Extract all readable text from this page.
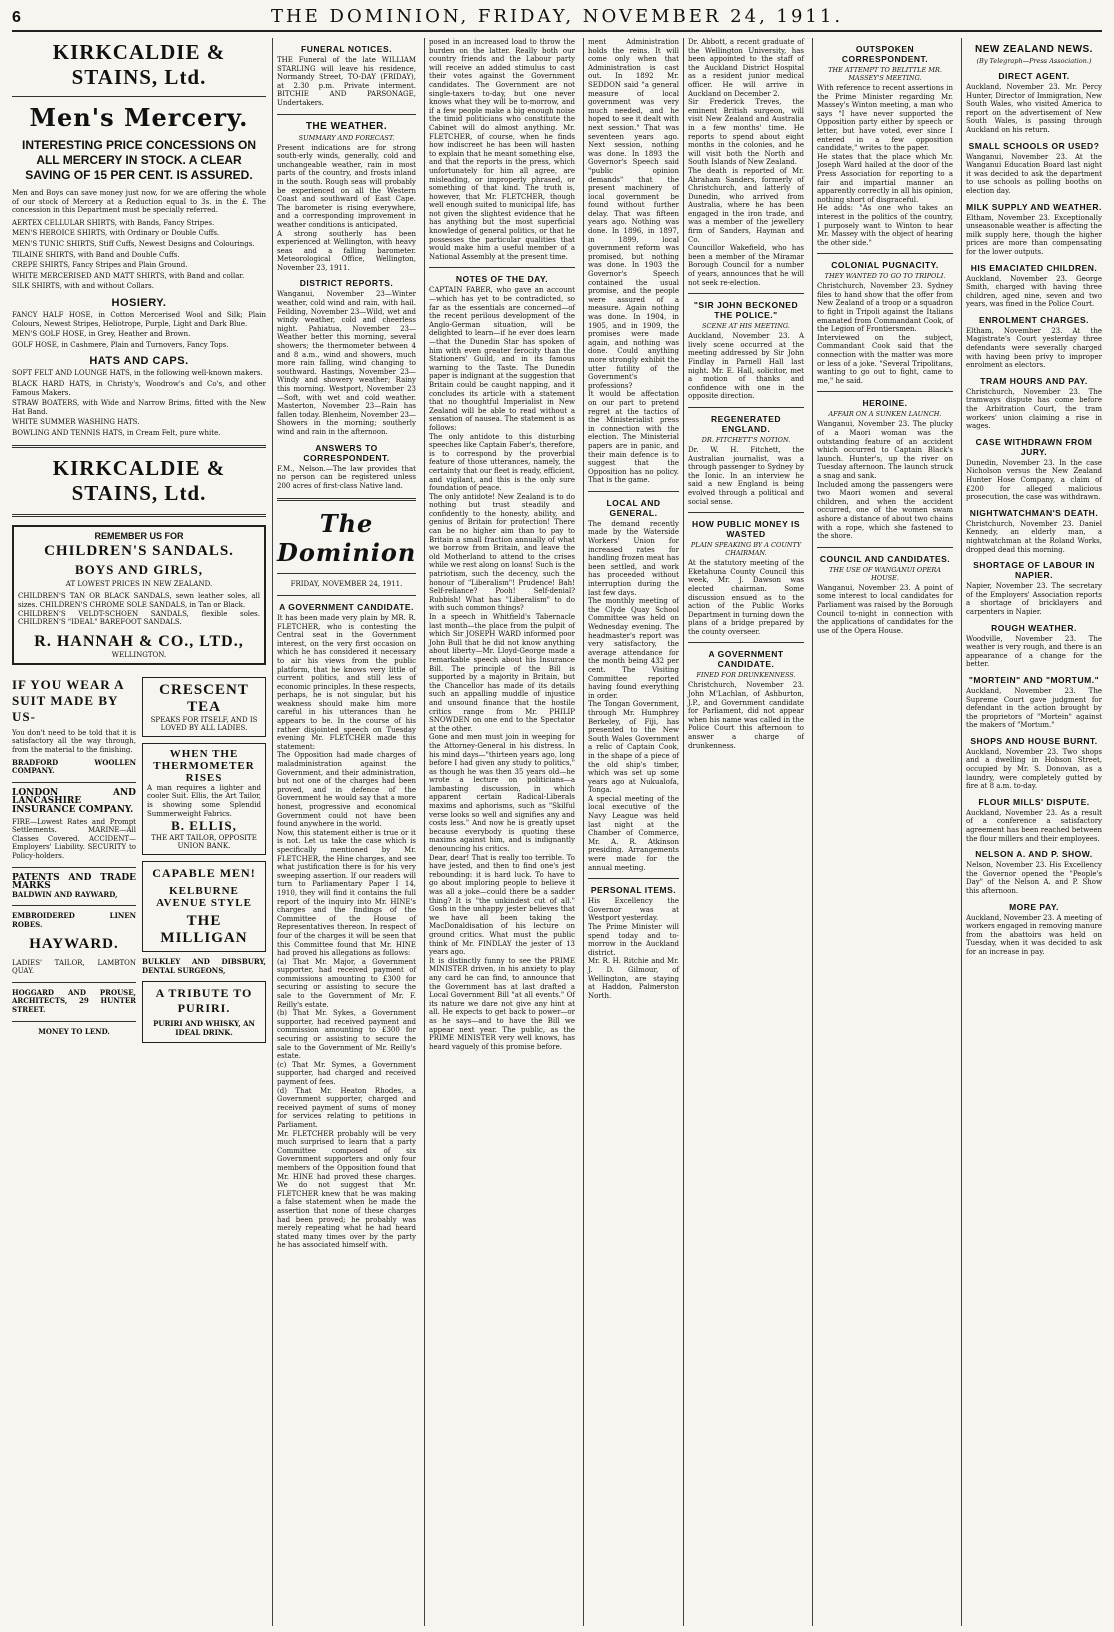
6	THE DOMINION, FRIDAY, NOVEMBER 24, 1911.
KIRKCALDIE & STAINS, Ltd.
Men's Mercery.
INTERESTING PRICE CONCESSIONS ON ALL MERCERY IN STOCK. A CLEAR SAVING OF 15 PER CENT. IS ASSURED.

Men and Boys can save money just now, for we are offering the whole of our stock of Mercery at a Reduction equal to 3s. in the £. The concession in this Department must be specially referred.

AERTEX CELLULAR SHIRTS, with Bands, Fancy Stripes.

MEN'S HEROICE SHIRTS, with Ordinary or Double Cuffs.

MEN'S TUNIC SHIRTS, Stiff Cuffs, Newest Designs and Colourings.

TILAINE SHIRTS, with Band and Double Cuffs.

CREPE SHIRTS, Fancy Stripes and Plain Ground.

WHITE MERCERISED AND MATT SHIRTS, with Band and collar.

SILK SHIRTS, with and without Collars.

HOSIERY.

FANCY HALF HOSE, in Cotton Mercerised Wool and Silk; Plain Colours, Newest Stripes, Heliotrope, Purple, Light and Dark Blue.

MEN'S GOLF HOSE, in Grey, Heather and Brown.

GOLF HOSE, in Cashmere, Plain and Turnovers, Fancy Tops.

HATS AND CAPS.

SOFT FELT AND LOUNGE HATS, in the following well-known makers.

BLACK HARD HATS, in Christy's, Woodrow's and Co's, and other Famous Makers.

STRAW BOATERS, with Wide and Narrow Brims, fitted with the New Hat Band.

WHITE SUMMER WASHING HATS.

BOWLING AND TENNIS HATS, in Cream Felt, pure white.

KIRKCALDIE & STAINS, Ltd.
REMEMBER US FOR
CHILDREN'S SANDALS.
BOYS AND GIRLS,
AT LOWEST PRICES IN NEW ZEALAND.

CHILDREN'S TAN OR BLACK SANDALS, sewn leather soles, all sizes. CHILDREN'S CHROME SOLE SANDALS, in Tan or Black.

CHILDREN'S VELDT-SCHOEN SANDALS, flexible soles. CHILDREN'S "IDEAL" BAREFOOT SANDALS.

R. HANNAH & CO., LTD.,
WELLINGTON.
IF YOU WEAR A SUIT MADE BY US-

You don't need to be told that it is satisfactory all the way through, from the material to the finishing.

BRADFORD WOOLLEN COMPANY.
LONDON AND LANCASHIRE INSURANCE COMPANY.

FIRE—Lowest Rates and Prompt Settlements. MARINE—All Classes Covered. ACCIDENT—Employers' Liability. SECURITY to Policy-holders.

PATENTS AND TRADE MARKS
BALDWIN AND RAYWARD,
EMBROIDERED LINEN ROBES.
HAYWARD.
LADIES' TAILOR, LAMBTON QUAY.
HOGGARD AND PROUSE, ARCHITECTS, 29 HUNTER STREET.
MONEY TO LEND.
CRESCENT TEA
SPEAKS FOR ITSELF, AND IS LOVED BY ALL LADIES.
WHEN THE THERMOMETER RISES

A man requires a lighter and cooler Suit. Ellis, the Art Tailor, is showing some Splendid Summerweight Fabrics.

B. ELLIS,
THE ART TAILOR, OPPOSITE UNION BANK.
CAPABLE MEN!
KELBURNE AVENUE STYLE
THE MILLIGAN
BULKLEY AND DIBSBURY, DENTAL SURGEONS,
A TRIBUTE TO PURIRI.
PURIRI AND WHISKY, AN IDEAL DRINK.
FUNERAL NOTICES.

THE Funeral of the late WILLIAM STARLING will leave his residence, Normandy Street, TO-DAY (FRIDAY), at 2.30 p.m. Private interment. BITCHIE AND PARSONAGE, Undertakers.

THE WEATHER.
SUMMARY AND FORECAST.

Present indications are for strong south-erly winds, generally, cold and unchangeable weather, rain in most parts of the country, and frosts inland in the south. Rough seas will probably be experienced on all the Western Coast and southward of East Cape. The barometer is rising everywhere, and a corresponding improvement in weather conditions is anticipated.

A strong southerly has been experienced at Wellington, with heavy seas and a falling barometer. Meteorological Office, Wellington, November 23, 1911.

DISTRICT REPORTS.

Wanganui, November 23—Winter weather, cold wind and rain, with hail. Feilding, November 23—Wild, wet and windy weather, cold and cheerless night. Pahiatua, November 23—Weather better this morning, several showers; the thermometer between 4 and 8 a.m., wind and showers, much more rain falling, wind changing to southward. Hastings, November 23—Windy and showery weather; Rainy this morning. Westport, November 23—Soft, with wet and cold weather. Masterton, November 23—Rain has fallen today. Blenheim, November 23—Showers in the morning; southerly wind and rain in the afternoon.

ANSWERS TO CORRESPONDENT.

F.M., Nelson.—The law provides that no person can be registered unless 200 acres of first-class Native land.

The Dominion
FRIDAY, NOVEMBER 24, 1911.
A GOVERNMENT CANDIDATE.

It has been made very plain by MR. R. FLETCHER, who is contesting the Central seat in the Government interest, on the very first occasion on which he has considered it necessary to air his views from the public platform, that he knows very little of current politics, and still less of economic principles. In these respects, perhaps, he is not singular, but his weakness should make him more careful in his utterances than he appears to be. In the course of his rather disjointed speech on Tuesday evening Mr. FLETCHER made this statement:

The Opposition had made charges of maladministration against the Government, and their administration, but not one of the charges had been proved, and in defence of the Government he would say that a more honest, progressive and economical Government could not have been found anywhere in the world.

Now, this statement either is true or it is not. Let us take the case which is specifically mentioned by Mr. FLETCHER, the Hine charges, and see what justification there is for his very sweeping assertion. If our readers will turn to Parliamentary Paper I 14, 1910, they will find it contains the full report of the inquiry into Mr. HINE's charges and the findings of the Committee of the House of Representatives thereon. In respect of four of the charges it will be seen that this Committee found that Mr. HINE had proved his allegations as follows:

(a) That Mr. Major, a Government supporter, had received payment of commissions amounting to £300 for securing or assisting to secure the sale to the Government of Mr. F. Reilly's estate.

(b) That Mr. Sykes, a Government supporter, had received payment and commission amounting to £300 for securing or assisting to secure the sale to the Government of Mr. Reilly's estate.

(c) That Mr. Symes, a Government supporter, had charged and received payment of fees.

(d) That Mr. Heaton Rhodes, a Government supporter, charged and received payment of sums of money for services relating to petitions in Parliament.

Mr. FLETCHER probably will be very much surprised to learn that a party Committee composed of six Government supporters and only four members of the Opposition found that Mr. HINE had proved these charges. We do not suggest that Mr. FLETCHER knew that he was making a false statement when he made the assertion that none of these charges had been proved; he probably was merely repeating what he had heard stated many times over by the party he has associated himself with.

posed in an increased load to throw the burden on the latter. Really both our country friends and the Labour party will receive an added stimulus to cast their votes against the Government candidates. The Government are not single-taxers to-day, but one never knows what they will be to-morrow, and if a few people make a big enough noise the timid politicians who constitute the Cabinet will do almost anything. Mr. FLETCHER, of course, when he finds how indiscreet he has been will hasten to explain that he meant something else, and that the reports in the press, which unfortunately for him all agree, are misleading, or improperly phrased, or something of that kind. The truth is, however, that Mr. FLETCHER, though well enough suited to municipal life, has not given the slightest evidence that he has anything but the most superficial knowledge of general politics, or that he possesses the particular qualities that would make him a useful member of a National Assembly at the present time.

NOTES OF THE DAY.

CAPTAIN FABER, who gave an account—which has yet to be contradicted, so far as the essentials are concerned—of the recent perilous development of the Anglo-German situation, will be delighted to learn—if he ever does learn—that the Dunedin Star has spoken of him with even greater ferocity than the Stationers' Guild, and in its famous warning to the Taste. The Dunedin paper is indignant at the suggestion that Britain could be caught napping, and it concludes its article with a statement that no thoughtful Imperialist in New Zealand will be able to read without a sensation of nausea. The statement is as follows:

The only antidote to this disturbing speeches like Captain Faber's, therefore, is to correspond by the proverbial feature of those utterances, namely, the certainty that our fleet is ready, efficient, and vigilant, and this is the only sure foundation of peace.

The only antidote! New Zealand is to do nothing but trust steadily and confidently to the honesty, ability, and genius of Britain for protection! There can be no higher aim than to pay to Britain a small fraction annually of what we borrow from Britain, and leave the old Motherland to attend to the crises while we rest along on loans! Such is the patriotism, such the decency, such the honour of "Liberalism"! Prudence! Bah! Self-reliance? Pooh! Self-denial? Rubbish! What has "Liberalism" to do with such common things?

In a speech in Whitfield's Tabernacle last month—the place from the pulpit of which Sir JOSEPH WARD informed poor John Bull that he did not know anything about liberty—Mr. Lloyd-George made a remarkable speech about his Insurance Bill. The principle of the Bill is supported by a majority in Britain, but the Chancellor has made of its details such an appalling muddle of injustice and unsound finance that the hostile critics range from Mr. PHILIP SNOWDEN on one end to the Spectator at the other.

Gone and men must join in weeping for the Attorney-General in his distress. In his mind days—"thirteen years ago, long before I had given any study to politics," as though he was then 35 years old—he wrote a lecture on politicians—a lambasting discussion, in which apparent certain Radical-Liberals maxims and aphorisms, such as "Skilful verse looks so well and signifies any and costs less." And now he is greatly upset because everybody is quoting these maxims against him, and is indignantly denouncing his critics.

Dear, dear! That is really too terrible. To have jested, and then to find one's jest rebounding: it is hard luck. To have to go about imploring people to believe it was all a joke—could there be a sadder thing? It is "the unkindest cut of all." Gosh in the unhappy jester believes that we have all been taking the MacDonaldisation of his lecture on ground critics. What must the public think of Mr. FINDLAY the jester of 13 years ago.

It is distinctly funny to see the PRIME MINISTER driven, in his anxiety to play any card he can find, to announce that the Government has at last drafted a Local Government Bill "at all events." Of its nature we dare not give any hint at all. He expects to get back to power—or as he says—and to have the Bill we appear next year. The public, as the PRIME MINISTER very well knows, has heard vaguely of this promise before.

ment Administration holds the reins. It will come only when that Administration is cast out. In 1892 Mr. SEDDON said "a general measure of local government was very much needed, and he hoped to see it dealt with next session." That was seventeen years ago. Next session, nothing was done. In 1893 the Governor's Speech said "public opinion demands" that the present machinery of local government be found without further delay. That was fifteen years ago. Nothing was done. In 1896, in 1897, in 1899, local government reform was promised, but nothing was done. In 1903 the Governor's Speech contained the usual promise, and the people were assured of a measure. Again nothing was done. In 1904, in 1905, and in 1909, the promises were made again, and nothing was done. Could anything more strongly exhibit the utter futility of the Government's professions?

It would be affectation on our part to pretend regret at the tactics of the Ministerialist press in connection with the election. The Ministerial papers are in panic, and their main defence is to suggest that the Opposition has no policy. That is the game.

LOCAL AND GENERAL.

The demand recently made by the Waterside Workers' Union for increased rates for handling frozen meat has been settled, and work has proceeded without interruption during the last few days.

The monthly meeting of the Clyde Quay School Committee was held on Wednesday evening. The headmaster's report was very satisfactory, the average attendance for the month being 432 per cent. The Visiting Committee reported having found everything in order.

The Tongan Government, through Mr. Humphrey Berkeley, of Fiji, has presented to the New South Wales Government a relic of Captain Cook, in the shape of a piece of the old ship's timber, which was set up some years ago at Nukualofa, Tonga.

A special meeting of the local executive of the Navy League was held last night at the Chamber of Commerce, Mr. A. R. Atkinson presiding. Arrangements were made for the annual meeting.

PERSONAL ITEMS.

His Excellency the Governor was at Westport yesterday.

The Prime Minister will spend today and to-morrow in the Auckland district.

Mr. R. H. Ritchie and Mr. J. D. Gilmour, of Wellington, are staying at Haddon, Palmerston North.

Dr. Abbott, a recent graduate of the Wellington University, has been appointed to the staff of the Auckland District Hospital as a resident junior medical officer. He will arrive in Auckland on December 2.

Sir Frederick Treves, the eminent British surgeon, will visit New Zealand and Australia in a few months' time. He reports to spend about eight months in the colonies, and he will visit both the North and South Islands of New Zealand.

The death is reported of Mr. Abraham Sanders, formerly of Christchurch, and latterly of Dunedin, who arrived from Australia, where he has been engaged in the iron trade, and was a member of the jewellery firm of Sanders, Hayman and Co.

Councillor Wakefield, who has been a member of the Miramar Borough Council for a number of years, announces that he will not seek re-election.

"SIR JOHN BECKONED THE POLICE."
SCENE AT HIS MEETING.

Auckland, November 23. A lively scene occurred at the meeting addressed by Sir John Findlay in Parnell Hall last night. Mr. E. Hall, solicitor, met a motion of thanks and confidence with one in the opposite direction.

REGENERATED ENGLAND.
DR. FITCHETT'S NOTION.

Dr. W. H. Fitchett, the Australian journalist, was a through passenger to Sydney by the Ionic. In an interview he said a new England is being evolved through a political and social sense.

HOW PUBLIC MONEY IS WASTED
PLAIN SPEAKING BY A COUNTY CHAIRMAN.

At the statutory meeting of the Eketahuna County Council this week, Mr. J. Dawson was elected chairman. Some discussion ensued as to the action of the Public Works Department in turning down the plans of a bridge prepared by the county overseer.

A GOVERNMENT CANDIDATE.
FINED FOR DRUNKENNESS.

Christchurch, November 23. John M'Lachlan, of Ashburton, J.P., and Government candidate for Parliament, did not appear when his name was called in the Police Court this afternoon to answer a charge of drunkenness.

OUTSPOKEN CORRESPONDENT.
THE ATTEMPT TO BELITTLE MR. MASSEY'S MEETING.

With reference to recent assertions in the Prime Minister regarding Mr. Massey's Winton meeting, a man who says "I have never supported the Opposition party either by speech or letter, but have voted, ever since I entered in a few opposition candidate," writes to the paper.

He states that the place which Mr. Joseph Ward hailed at the door of the Press Association for reporting to a fair and impartial manner an apparently correctly in all his opinion, nothing short of disgraceful.

He adds: "As one who takes an interest in the politics of the country, I purposely want to Winton to hear Mr. Massey with the object of hearing the other side."

COLONIAL PUGNACITY.
THEY WANTED TO GO TO TRIPOLI.

Christchurch, November 23. Sydney files to hand show that the offer from New Zealand of a troop or a squadron to fight in Tripoli against the Italians emanated from Commandant Cook, of the Legion of Frontiersmen.

Interviewed on the subject, Commandant Cook said that the connection with the matter was more or less of a joke. "Several Tripolitans, wanting to go out to fight, came to me," he said.

HEROINE.
AFFAIR ON A SUNKEN LAUNCH.

Wanganui, November 23. The plucky of a Maori woman was the outstanding feature of an accident which occurred to Captain Black's launch. Hunter's, up the river on Tuesday afternoon. The launch struck a snag and sank.

Included among the passengers were two Maori women and several children, and when the accident occurred, one of the women swam ashore a distance of about two chains with a rope, which she fastened to the shore.

COUNCIL AND CANDIDATES.
THE USE OF WANGANUI OPERA HOUSE.

Wanganui, November 23. A point of some interest to local candidates for Parliament was raised by the Borough Council to-night in connection with the applications of candidates for the use of the Opera House.

NEW ZEALAND NEWS.
(By Telegraph—Press Association.)
DIRECT AGENT.

Auckland, November 23. Mr. Percy Hunter, Director of Immigration, New South Wales, who visited America to report on the advertisement of New South Wales, is passing through Auckland on his return.

SMALL SCHOOLS OR USED?

Wanganui, November 23. At the Wanganui Education Board last night it was decided to ask the department to use schools as polling booths on election day.

MILK SUPPLY AND WEATHER.

Eltham, November 23. Exceptionally unseasonable weather is affecting the milk supply here, though the higher prices are more than compensating for the lower outputs.

HIS EMACIATED CHILDREN.

Auckland, November 23. George Smith, charged with having three children, aged nine, seven and two years, was fined in the Police Court.

ENROLMENT CHARGES.

Eltham, November 23. At the Magistrate's Court yesterday three defendants were severally charged with having been privy to improper enrolment as electors.

TRAM HOURS AND PAY.

Christchurch, November 23. The tramways dispute has come before the Arbitration Court, the tram workers' union claiming a rise in wages.

CASE WITHDRAWN FROM JURY.

Dunedin, November 23. In the case Nicholson versus the New Zealand Hunter Hose Company, a claim of £200 for alleged malicious prosecution, the case was withdrawn.

NIGHTWATCHMAN'S DEATH.

Christchurch, November 23. Daniel Kennedy, an elderly man, a nightwatchman at the Roland Works, dropped dead this morning.

SHORTAGE OF LABOUR IN NAPIER.

Napier, November 23. The secretary of the Employers' Association reports a shortage of bricklayers and carpenters in Napier.

ROUGH WEATHER.

Woodville, November 23. The weather is very rough, and there is an appearance of a change for the better.

"MORTEIN" AND "MORTUM."

Auckland, November 23. The Supreme Court gave judgment for defendant in the action brought by the proprietors of "Mortein" against the makers of "Mortum."

SHOPS AND HOUSE BURNT.

Auckland, November 23. Two shops and a dwelling in Hobson Street, occupied by Mr. S. Donovan, as a laundry, were completely gutted by fire at 8 a.m. to-day.

FLOUR MILLS' DISPUTE.

Auckland, November 23. As a result of a conference a satisfactory agreement has been reached between the flour millers and their employees.

NELSON A. AND P. SHOW.

Nelson, November 23. His Excellency the Governor opened the "People's Day" of the Nelson A. and P. Show this afternoon.

MORE PAY.

Auckland, November 23. A meeting of workers engaged in removing manure from the abattoirs was held on Tuesday, when it was decided to ask for an increase in pay.
